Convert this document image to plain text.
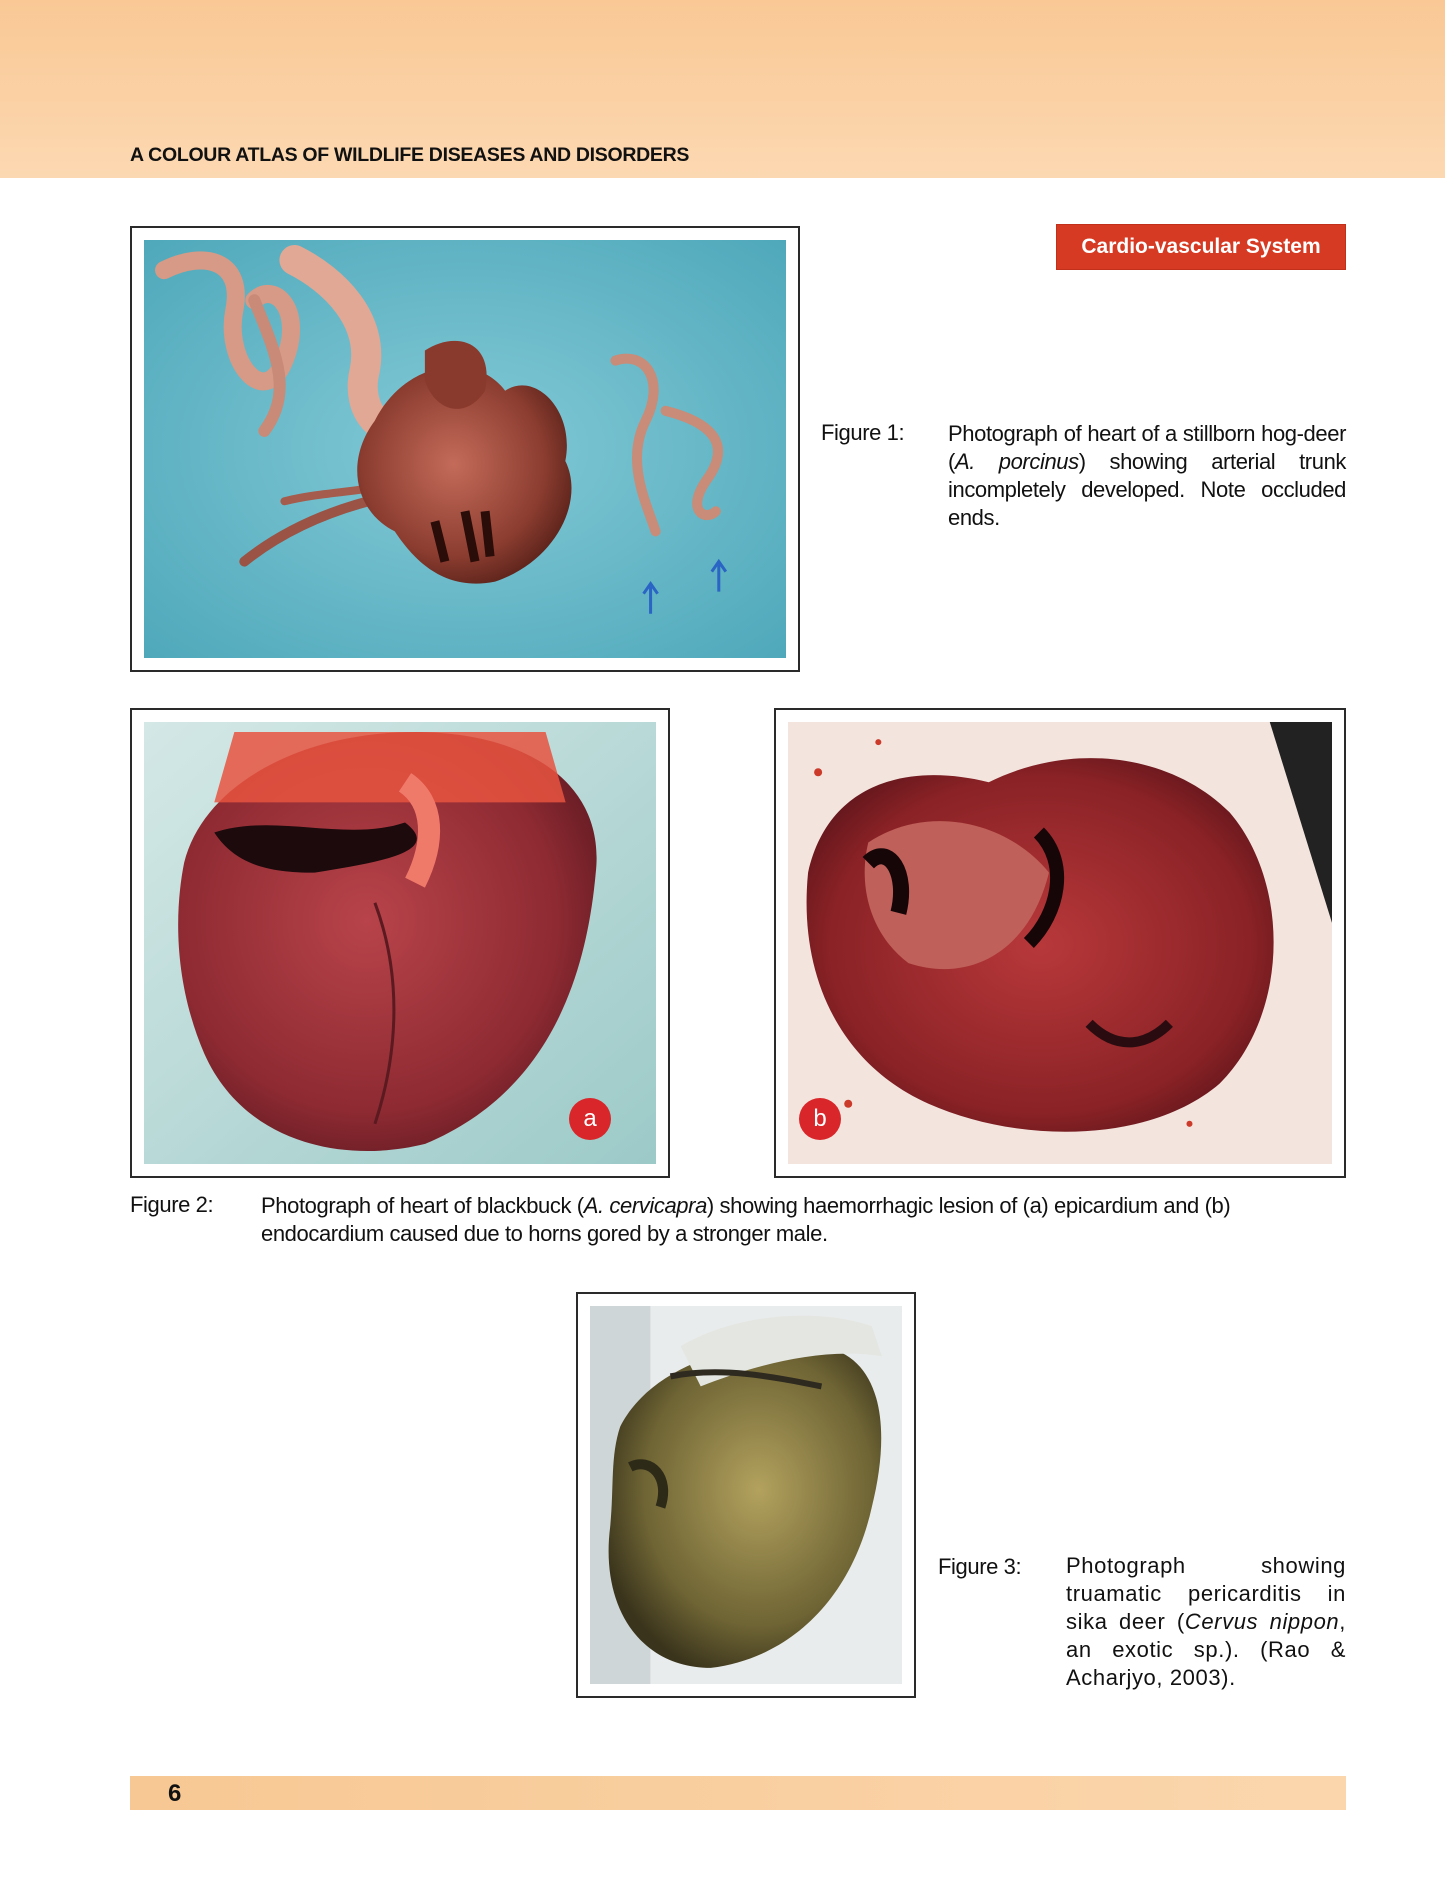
A COLOUR ATLAS OF WILDLIFE DISEASES AND DISORDERS
Cardio-vascular System
Figure 1: Photograph of heart of a stillborn hog-deer (A. porcinus) showing arterial trunk incompletely developed. Note occluded ends.
a	b
Figure 2: Photograph of heart of blackbuck (A. cervicapra) showing haemorrhagic lesion of (a) epicardium and (b) endocardium caused due to horns gored by a stronger male.
Figure 3: Photograph showing truamatic pericarditis in sika deer (Cervus nippon, an exotic sp.). (Rao & Acharjyo, 2003).
6
